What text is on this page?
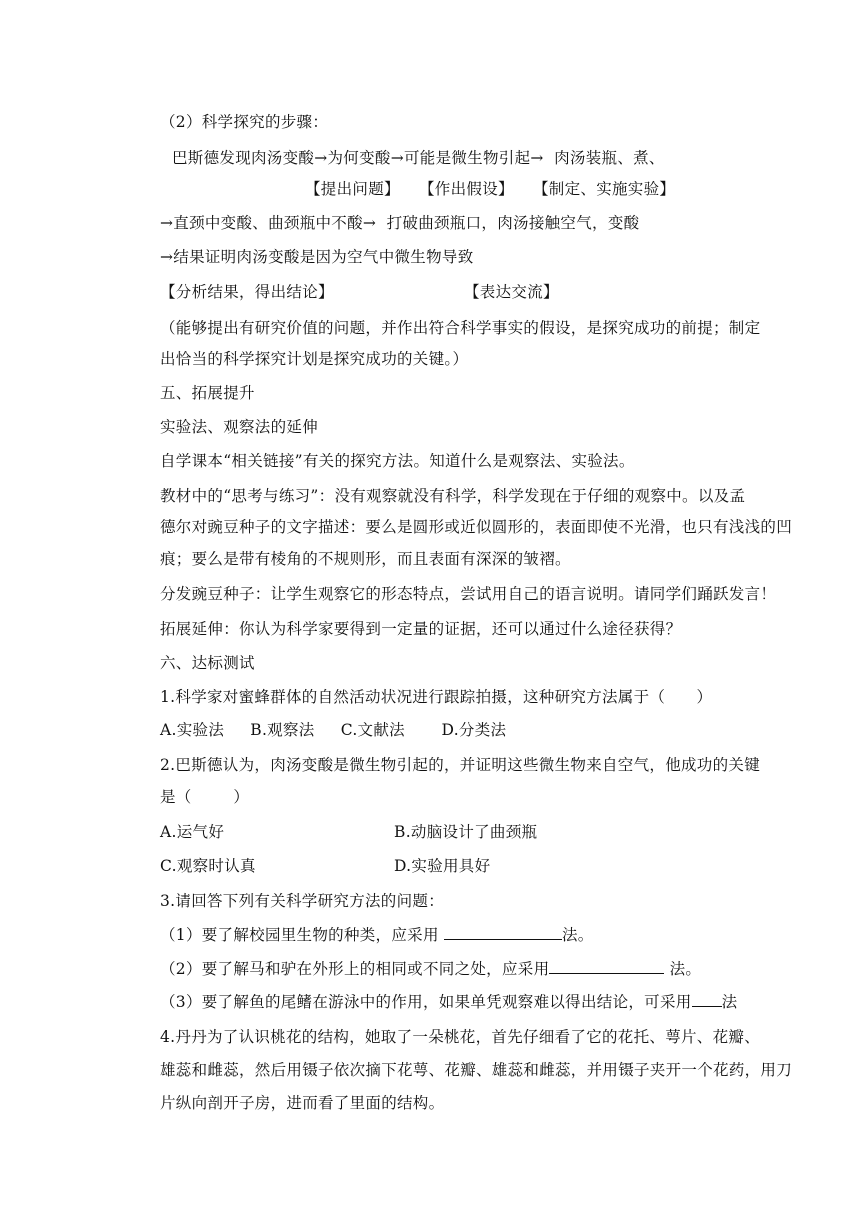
（2）科学探究的步骤：
巴斯德发现肉汤变酸→为何变酸→可能是微生物引起→  肉汤装瓶、煮、
【提出问题】 【作出假设】 【制定、实施实验】
→直颈中变酸、曲颈瓶中不酸→  打破曲颈瓶口，肉汤接触空气，变酸
→结果证明肉汤变酸是因为空气中微生物导致
【分析结果，得出结论】	【表达交流】
（能够提出有研究价值的问题，并作出符合科学事实的假设，是探究成功的前提；制定
出恰当的科学探究计划是探究成功的关键。）
五、拓展提升
实验法、观察法的延伸
自学课本“相关链接”有关的探究方法。知道什么是观察法、实验法。
教材中的“思考与练习”：没有观察就没有科学，科学发现在于仔细的观察中。以及孟
德尔对豌豆种子的文字描述：要么是圆形或近似圆形的，表面即使不光滑，也只有浅浅的凹
痕；要么是带有棱角的不规则形，而且表面有深深的皱褶。
分发豌豆种子：让学生观察它的形态特点，尝试用自己的语言说明。请同学们踊跃发言！
拓展延伸：你认为科学家要得到一定量的证据，还可以通过什么途径获得？
六、达标测试
1.科学家对蜜蜂群体的自然活动状况进行跟踪拍摄，这种研究方法属于（      ）
A.实验法     B.观察法     C.文献法       D.分类法
2.巴斯德认为，肉汤变酸是微生物引起的，并证明这些微生物来自空气，他成功的关键
是（        ）
A.运气好	B.动脑设计了曲颈瓶
C.观察时认真	D.实验用具好
3.请回答下列有关科学研究方法的问题：
（1）要了解校园里生物的种类，应采用	法。
（2）要了解马和驴在外形上的相同或不同之处，应采用	法。
（3）要了解鱼的尾鳍在游泳中的作用，如果单凭观察难以得出结论，可采用 法
4.丹丹为了认识桃花的结构，她取了一朵桃花，首先仔细看了它的花托、萼片、花瓣、
雄蕊和雌蕊，然后用镊子依次摘下花萼、花瓣、雄蕊和雌蕊，并用镊子夹开一个花药，用刀
片纵向剖开子房，进而看了里面的结构。
